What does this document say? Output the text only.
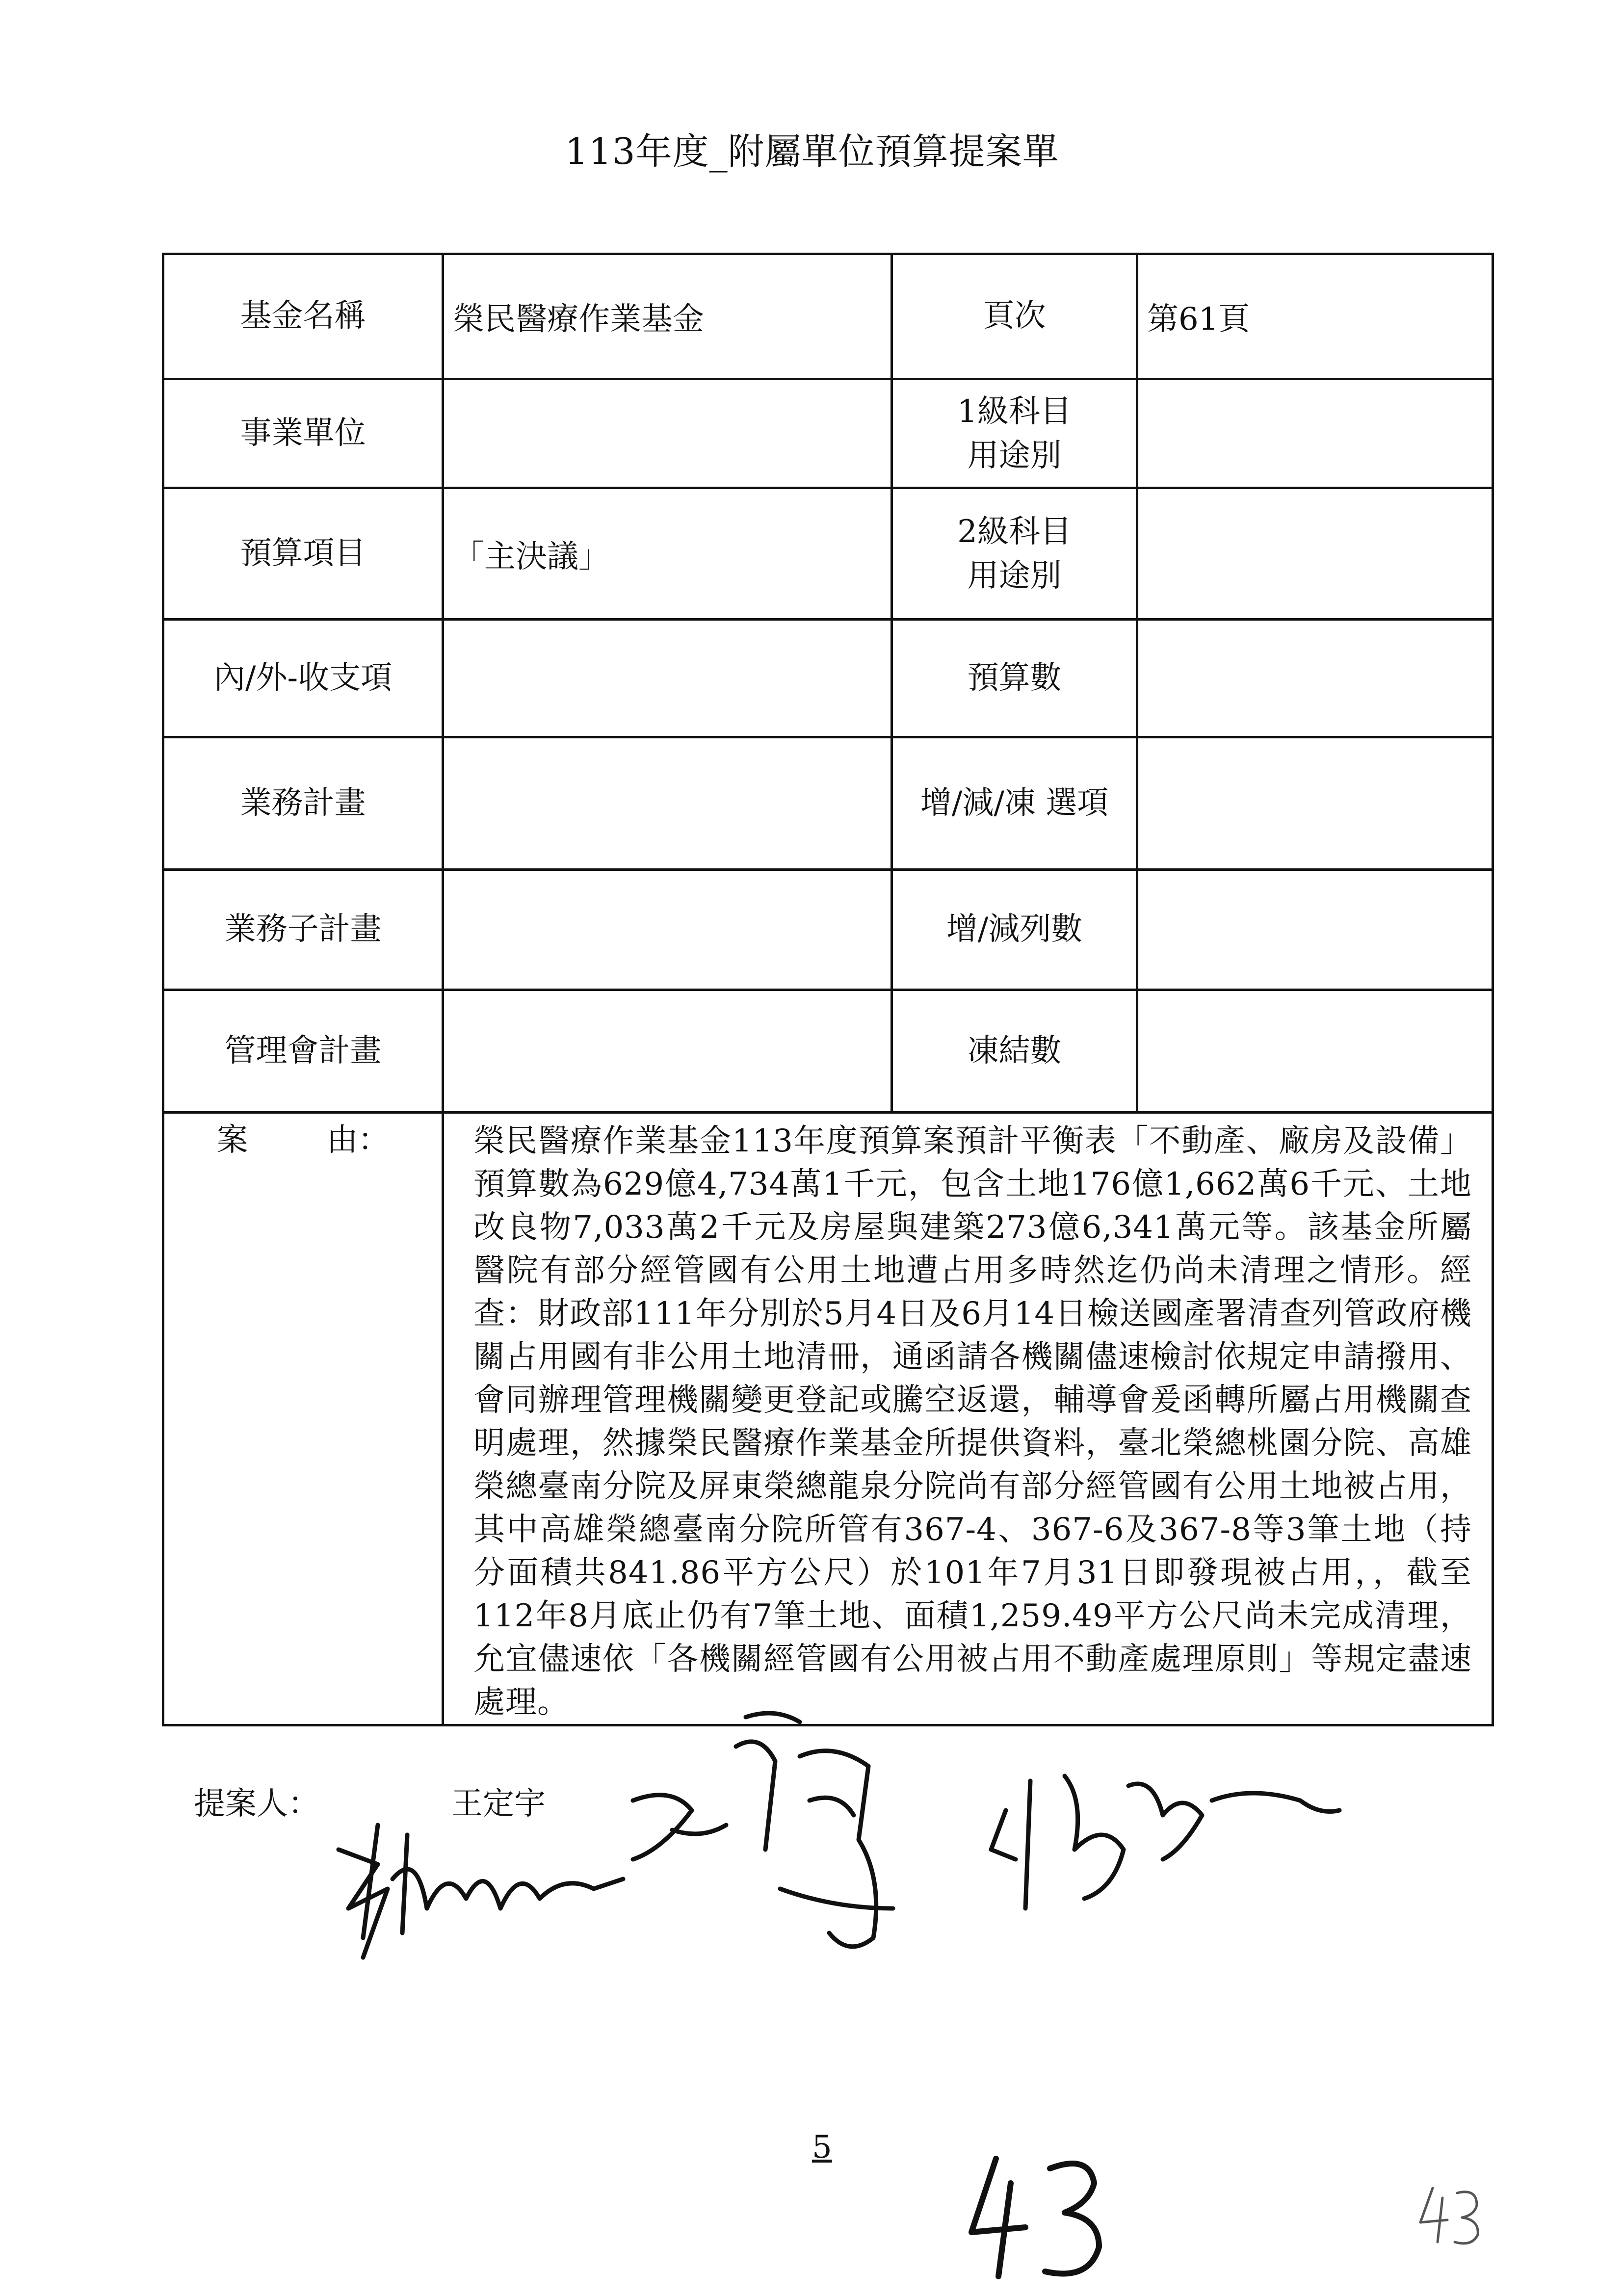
113年度_附屬單位預算提案單
基金名稱	榮民醫療作業基金	頁次	第61頁
事業單位		1級科目
用途別	

預算項目	「主決議」	2級科目
用途別	

內/外-收支項		預算數	
業務計畫		增/減/凍 選項	
業務子計畫		增/減列數	
管理會計畫		凍結數	
案 由：	榮民醫療作業基金113年度預算案預計平衡表「不動產、廠房及設備」預算數為629億4,734萬1千元，包含土地176億1,662萬6千元、土地改良物7,033萬2千元及房屋與建築273億6,341萬元等。該基金所屬醫院有部分經管國有公用土地遭占用多時然迄仍尚未清理之情形。經查：財政部111年分別於5月4日及6月14日檢送國產署清查列管政府機關占用國有非公用土地清冊，通函請各機關儘速檢討依規定申請撥用、會同辦理管理機關變更登記或騰空返還，輔導會爰函轉所屬占用機關查明處理，然據榮民醫療作業基金所提供資料，臺北榮總桃園分院、高雄榮總臺南分院及屏東榮總龍泉分院尚有部分經管國有公用土地被占用，其中高雄榮總臺南分院所管有367-4、367-6及367-8等3筆土地（持分面積共841.86平方公尺）於101年7月31日即發現被占用，，截至112年8月底止仍有7筆土地、面積1,259.49平方公尺尚未完成清理，允宜儘速依「各機關經管國有公用被占用不動產處理原則」等規定盡速處理。		
提案人：	王定宇
5
